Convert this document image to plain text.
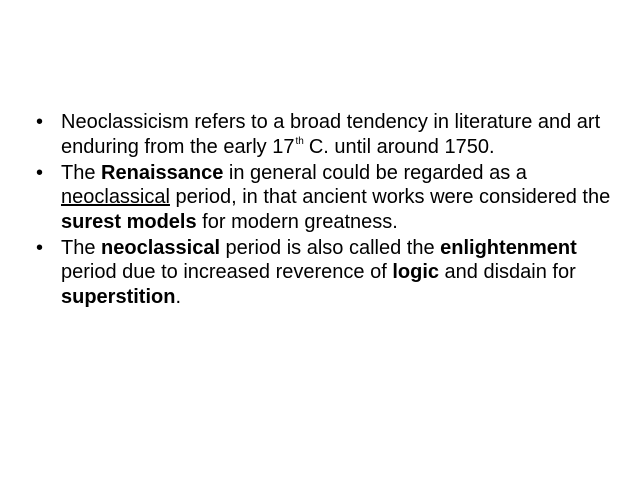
• Neoclassicism refers to a broad tendency in literature and art enduring from the early 17th C. until around 1750.
• The Renaissance in general could be regarded as a neoclassical period, in that ancient works were considered the surest models for modern greatness.
• The neoclassical period is also called the enlightenment period due to increased reverence of logic and disdain for superstition.
